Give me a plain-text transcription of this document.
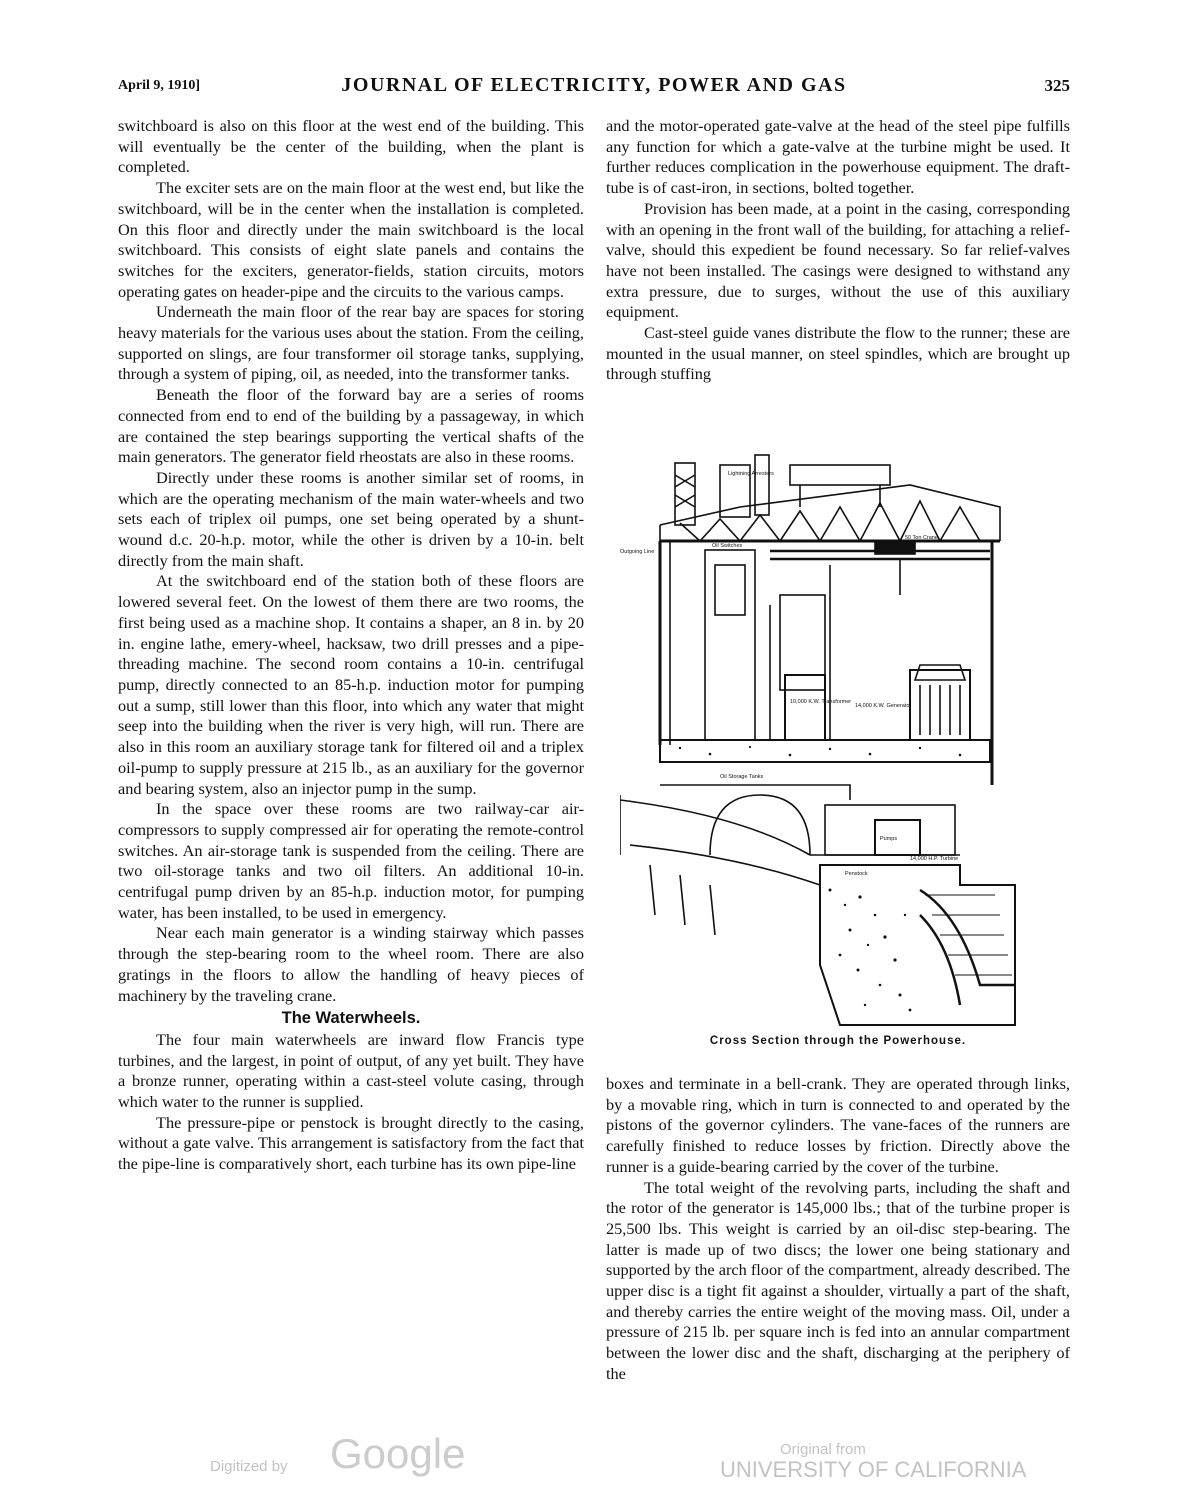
April 9, 1910]	JOURNAL OF ELECTRICITY, POWER AND GAS	325

switchboard is also on this floor at the west end of the building. This will eventually be the center of the building, when the plant is completed.

The exciter sets are on the main floor at the west end, but like the switchboard, will be in the center when the installation is completed. On this floor and directly under the main switchboard is the local switchboard. This consists of eight slate panels and contains the switches for the exciters, generator-fields, station circuits, motors operating gates on header-pipe and the circuits to the various camps.

Underneath the main floor of the rear bay are spaces for storing heavy materials for the various uses about the station. From the ceiling, supported on slings, are four transformer oil storage tanks, supplying, through a system of piping, oil, as needed, into the transformer tanks.

Beneath the floor of the forward bay are a series of rooms connected from end to end of the building by a passageway, in which are contained the step bearings supporting the vertical shafts of the main generators. The generator field rheostats are also in these rooms.

Directly under these rooms is another similar set of rooms, in which are the operating mechanism of the main water-wheels and two sets each of triplex oil pumps, one set being operated by a shunt-wound d.c. 20-h.p. motor, while the other is driven by a 10-in. belt directly from the main shaft.

At the switchboard end of the station both of these floors are lowered several feet. On the lowest of them there are two rooms, the first being used as a machine shop. It contains a shaper, an 8 in. by 20 in. engine lathe, emery-wheel, hacksaw, two drill presses and a pipe-threading machine. The second room contains a 10-in. centrifugal pump, directly connected to an 85-h.p. induction motor for pumping out a sump, still lower than this floor, into which any water that might seep into the building when the river is very high, will run. There are also in this room an auxiliary storage tank for filtered oil and a triplex oil-pump to supply pressure at 215 lb., as an auxiliary for the governor and bearing system, also an injector pump in the sump.

In the space over these rooms are two railway-car air-compressors to supply compressed air for operating the remote-control switches. An air-storage tank is suspended from the ceiling. There are two oil-storage tanks and two oil filters. An additional 10-in. centrifugal pump driven by an 85-h.p. induction motor, for pumping water, has been installed, to be used in emergency.

Near each main generator is a winding stairway which passes through the step-bearing room to the wheel room. There are also gratings in the floors to allow the handling of heavy pieces of machinery by the traveling crane.

The Waterwheels.

The four main waterwheels are inward flow Francis type turbines, and the largest, in point of output, of any yet built. They have a bronze runner, operating within a cast-steel volute casing, through which water to the runner is supplied.

The pressure-pipe or penstock is brought directly to the casing, without a gate valve. This arrangement is satisfactory from the fact that the pipe-line is comparatively short, each turbine has its own pipe-line

and the motor-operated gate-valve at the head of the steel pipe fulfills any function for which a gate-valve at the turbine might be used. It further reduces complication in the powerhouse equipment. The draft-tube is of cast-iron, in sections, bolted together.

Provision has been made, at a point in the casing, corresponding with an opening in the front wall of the building, for attaching a relief-valve, should this expedient be found necessary. So far relief-valves have not been installed. The casings were designed to withstand any extra pressure, due to surges, without the use of this auxiliary equipment.

Cast-steel guide vanes distribute the flow to the runner; these are mounted in the usual manner, on steel spindles, which are brought up through stuffing

50 Ton Crane
10,000 K.W. Transformer
14,000 K.W. Generator
Oil Storage Tanks
Pumps
14,000 H.P. Turbine
Penstock
Lightning Arresters
Outgoing Line
Oil Switches
Cross Section through the Powerhouse.

boxes and terminate in a bell-crank. They are operated through links, by a movable ring, which in turn is connected to and operated by the pistons of the governor cylinders. The vane-faces of the runners are carefully finished to reduce losses by friction. Directly above the runner is a guide-bearing carried by the cover of the turbine.

The total weight of the revolving parts, including the shaft and the rotor of the generator is 145,000 lbs.; that of the turbine proper is 25,500 lbs. This weight is carried by an oil-disc step-bearing. The latter is made up of two discs; the lower one being stationary and supported by the arch floor of the compartment, already described. The upper disc is a tight fit against a shoulder, virtually a part of the shaft, and thereby carries the entire weight of the moving mass. Oil, under a pressure of 215 lb. per square inch is fed into an annular compartment between the lower disc and the shaft, discharging at the periphery of the

Digitized by Google	Original from
UNIVERSITY OF CALIFORNIA
